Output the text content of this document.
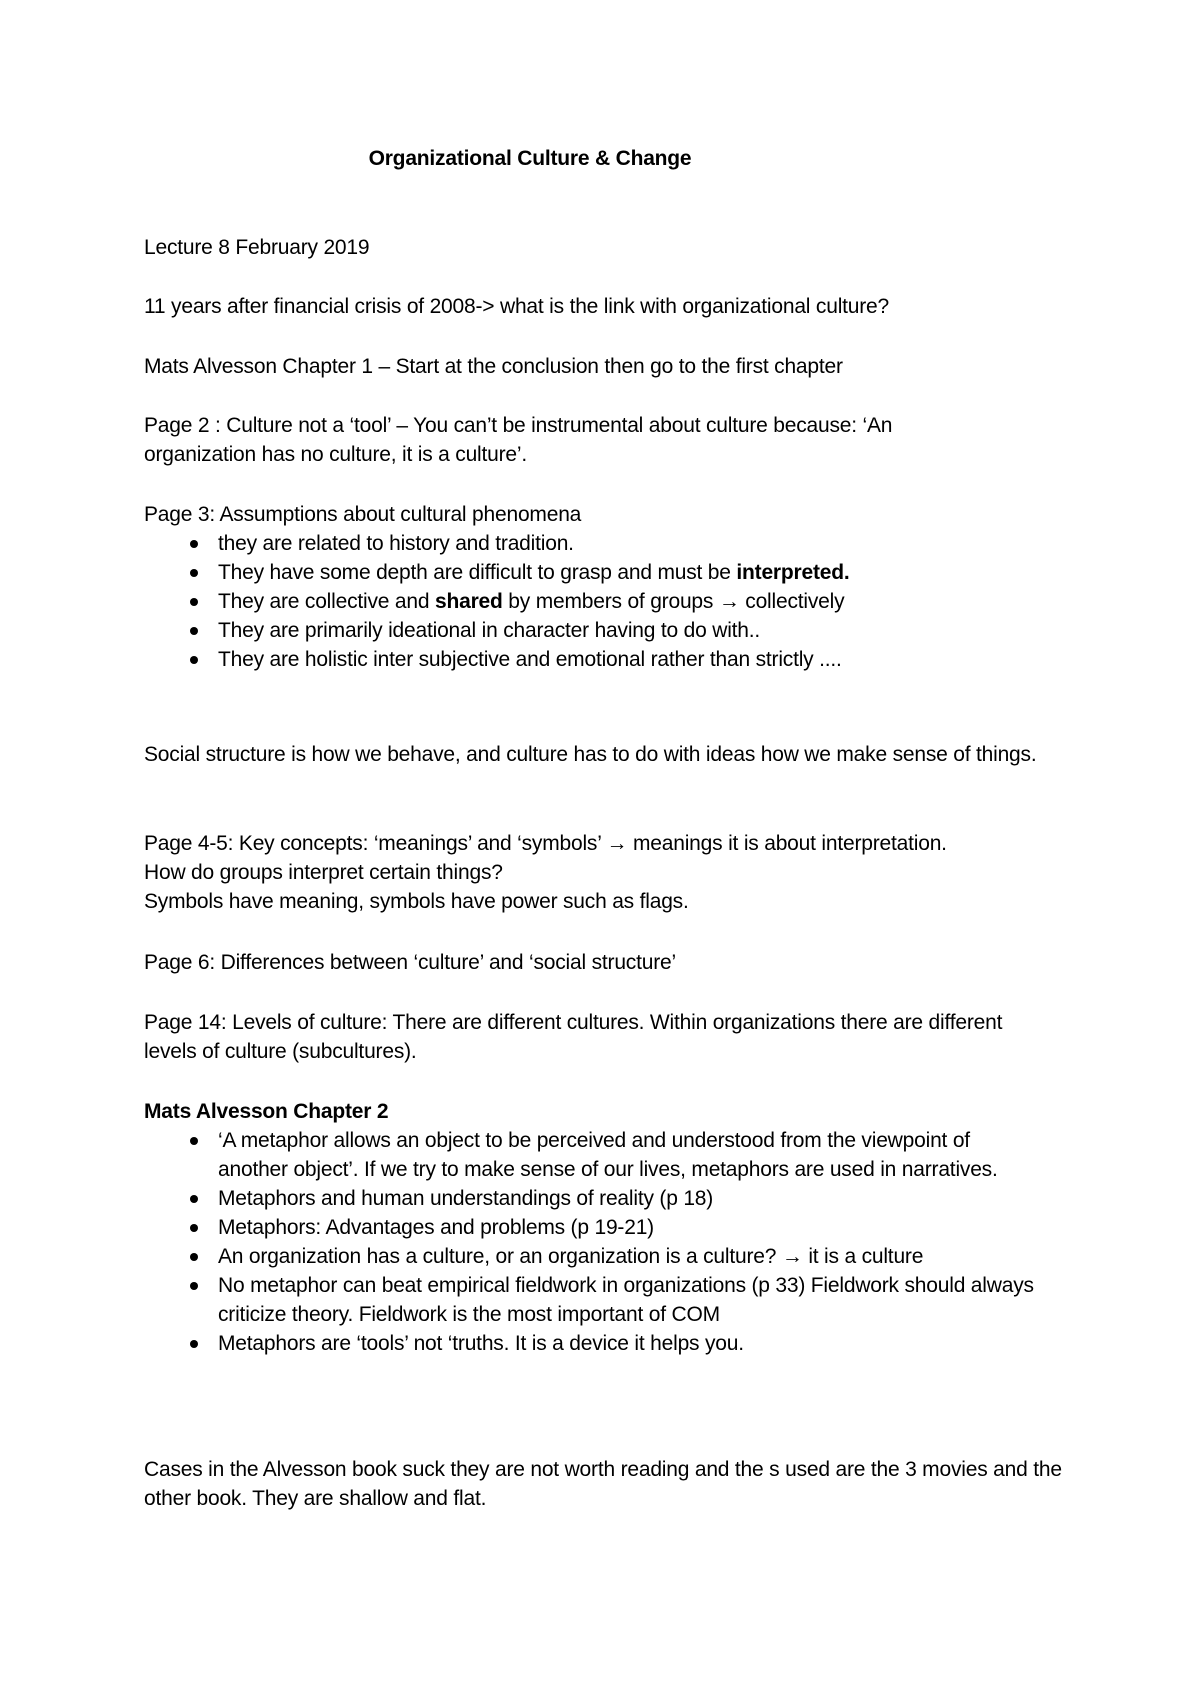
Organizational Culture & Change

Lecture 8 February 2019

11 years after financial crisis of 2008-> what is the link with organizational culture?

Mats Alvesson Chapter 1 – Start at the conclusion then go to the first chapter

Page 2 : Culture not a ‘tool’ – You can’t be instrumental about culture because: ‘An organization has no culture, it is a culture’.

Page 3: Assumptions about cultural phenomena

they are related to history and tradition.
They have some depth are difficult to grasp and must be interpreted.
They are collective and shared by members of groups → collectively
They are primarily ideational in character having to do with..
They are holistic inter subjective and emotional rather than strictly ....

Social structure is how we behave, and culture has to do with ideas how we make sense of things.

Page 4-5: Key concepts: ‘meanings’ and ‘symbols’ → meanings it is about interpretation.

How do groups interpret certain things?

Symbols have meaning, symbols have power such as flags.

Page 6: Differences between ‘culture’ and ‘social structure’

Page 14: Levels of culture: There are different cultures. Within organizations there are different levels of culture (subcultures).

Mats Alvesson Chapter 2

‘A metaphor allows an object to be perceived and understood from the viewpoint of another object’. If we try to make sense of our lives, metaphors are used in narratives.
Metaphors and human understandings of reality (p 18)
Metaphors: Advantages and problems (p 19-21)
An organization has a culture, or an organization is a culture? → it is a culture
No metaphor can beat empirical fieldwork in organizations (p 33) Fieldwork should always criticize theory. Fieldwork is the most important of COM
Metaphors are ‘tools’ not ‘truths. It is a device it helps you.

Cases in the Alvesson book suck they are not worth reading and the s used are the 3 movies and the other book. They are shallow and flat.
